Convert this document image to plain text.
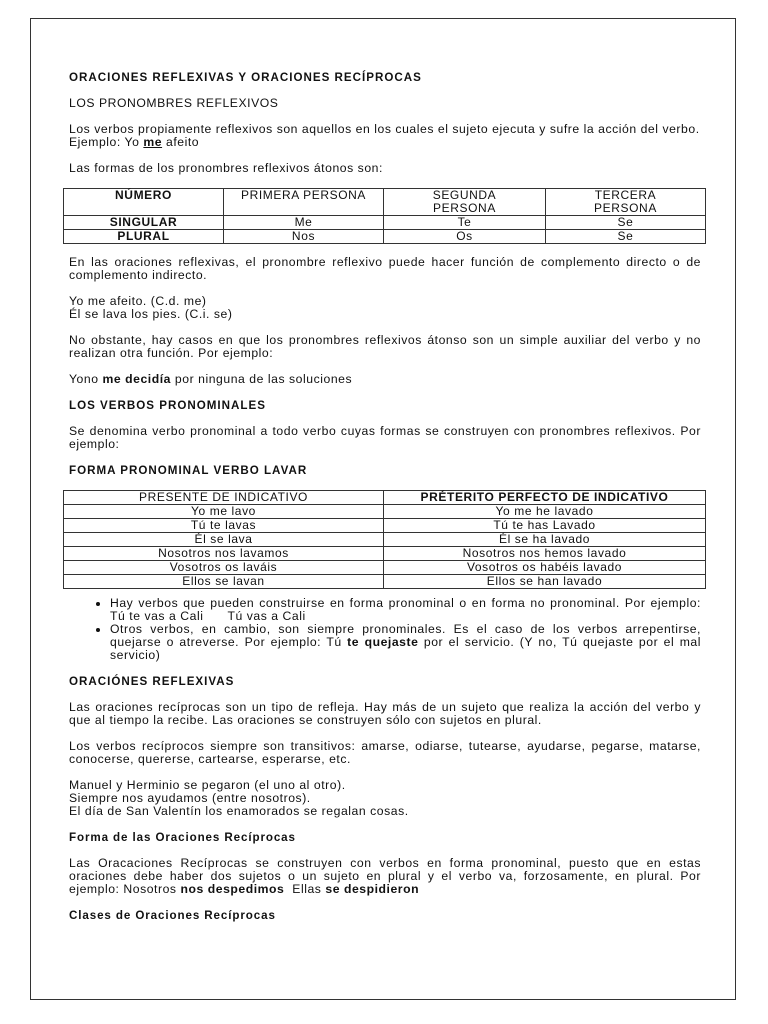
ORACIONES REFLEXIVAS Y ORACIONES RECÍPROCAS

LOS PRONOMBRES REFLEXIVOS

Los verbos propiamente reflexivos son aquellos en los cuales el sujeto ejecuta y sufre la acción del verbo.
Ejemplo: Yo me afeito

Las formas de los pronombres reflexivos átonos son:

NÚMERO	PRIMERA PERSONA	SEGUNDA PERSONA	TERCERA PERSONA
SINGULAR	Me	Te	Se
PLURAL	Nos	Os	Se

En las oraciones reflexivas, el pronombre reflexivo puede hacer función de complemento directo o de complemento indirecto.

Yo me afeito. (C.d. me)
Él se lava los pies. (C.i. se)

No obstante, hay casos en que los pronombres reflexivos átonso son un simple auxiliar del verbo y no realizan otra función. Por ejemplo:

Yono me decidía por ninguna de las soluciones

LOS VERBOS PRONOMINALES

Se denomina verbo pronominal a todo verbo cuyas formas se construyen con pronombres reflexivos. Por ejemplo:

FORMA PRONOMINAL VERBO LAVAR
PRESENTE DE INDICATIVO	PRÉTERITO PERFECTO DE INDICATIVO
Yo me lavo	Yo me he lavado
Tú te lavas	Tú te has Lavado
Él se lava	Él se ha lavado
Nosotros nos lavamos	Nosotros nos hemos lavado
Vosotros os laváis	Vosotros os habéis lavado
Ellos se lavan	Ellos se han lavado
• Hay verbos que pueden construirse en forma pronominal o en forma no pronominal. Por ejemplo: Tú te vas a Cali Tú vas a Cali
• Otros verbos, en cambio, son siempre pronominales. Es el caso de los verbos arrepentirse, quejarse o atreverse. Por ejemplo: Tú te quejaste por el servicio. (Y no, Tú quejaste por el mal servicio)
ORACIÓNES REFLEXIVAS

Las oraciones recíprocas son un tipo de refleja. Hay más de un sujeto que realiza la acción del verbo y que al tiempo la recibe. Las oraciones se construyen sólo con sujetos en plural.

Los verbos recíprocos siempre son transitivos: amarse, odiarse, tutearse, ayudarse, pegarse, matarse, conocerse, quererse, cartearse, esperarse, etc.

Manuel y Herminio se pegaron (el uno al otro).
Siempre nos ayudamos (entre nosotros).
El día de San Valentín los enamorados se regalan cosas.
Forma de las Oraciones Recíprocas

Las Oracaciones Recíprocas se construyen con verbos en forma pronominal, puesto que en estas oraciones debe haber dos sujetos o un sujeto en plural y el verbo va, forzosamente, en plural. Por ejemplo: Nosotros nos despedimos  Ellas se despidieron

Clases de Oraciones Recíprocas
